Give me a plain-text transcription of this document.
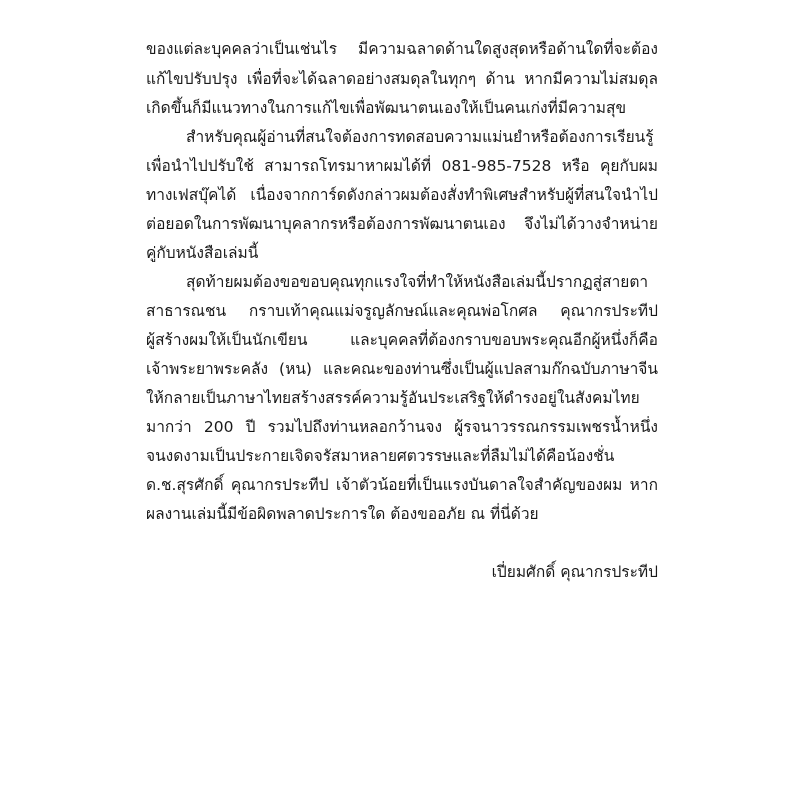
ของแต่ละบุคคลว่าเป็นเช่นไร มีความฉลาดด้านใดสูงสุดหรือด้านใดที่จะต้อง
แก้ไขปรับปรุง เพื่อที่จะได้ฉลาดอย่างสมดุลในทุกๆ ด้าน หากมีความไม่สมดุล
เกิดขึ้นก็มีแนวทางในการแก้ไขเพื่อพัฒนาตนเองให้เป็นคนเก่งที่มีความสุข
สำหรับคุณผู้อ่านที่สนใจต้องการทดสอบความแม่นยำหรือต้องการเรียนรู้
เพื่อนำไปปรับใช้ สามารถโทรมาหาผมได้ที่ 081-985-7528 หรือ คุยกับผม
ทางเฟสบุ๊คได้ เนื่องจากการ์ดดังกล่าวผมต้องสั่งทำพิเศษสำหรับผู้ที่สนใจนำไป
ต่อยอดในการพัฒนาบุคลากรหรือต้องการพัฒนาตนเอง จึงไม่ได้วางจำหน่าย
คู่กับหนังสือเล่มนี้
สุดท้ายผมต้องขอขอบคุณทุกแรงใจที่ทำให้หนังสือเล่มนี้ปรากฏสู่สายตา
สาธารณชน กราบเท้าคุณแม่จรูญลักษณ์และคุณพ่อโกศล คุณากรประทีป
ผู้สร้างผมให้เป็นนักเขียน และบุคคลที่ต้องกราบขอบพระคุณอีกผู้หนึ่งก็คือ
เจ้าพระยาพระคลัง (หน) และคณะของท่านซึ่งเป็นผู้แปลสามก๊กฉบับภาษาจีน
ให้กลายเป็นภาษาไทยสร้างสรรค์ความรู้อันประเสริฐให้ดำรงอยู่ในสังคมไทย
มากว่า 200 ปี รวมไปถึงท่านหลอกว้านจง ผู้รจนาวรรณกรรมเพชรน้ำหนึ่ง
จนงดงามเป็นประกายเจิดจรัสมาหลายศตวรรษและที่ลืมไม่ได้คือน้องชั่น
ด.ช.สุรศักดิ์ คุณากรประทีป เจ้าตัวน้อยที่เป็นแรงบันดาลใจสำคัญของผม หาก
ผลงานเล่มนี้มีข้อผิดพลาดประการใด ต้องขออภัย ณ ที่นี่ด้วย
เปี่ยมศักดิ์ คุณากรประทีป
